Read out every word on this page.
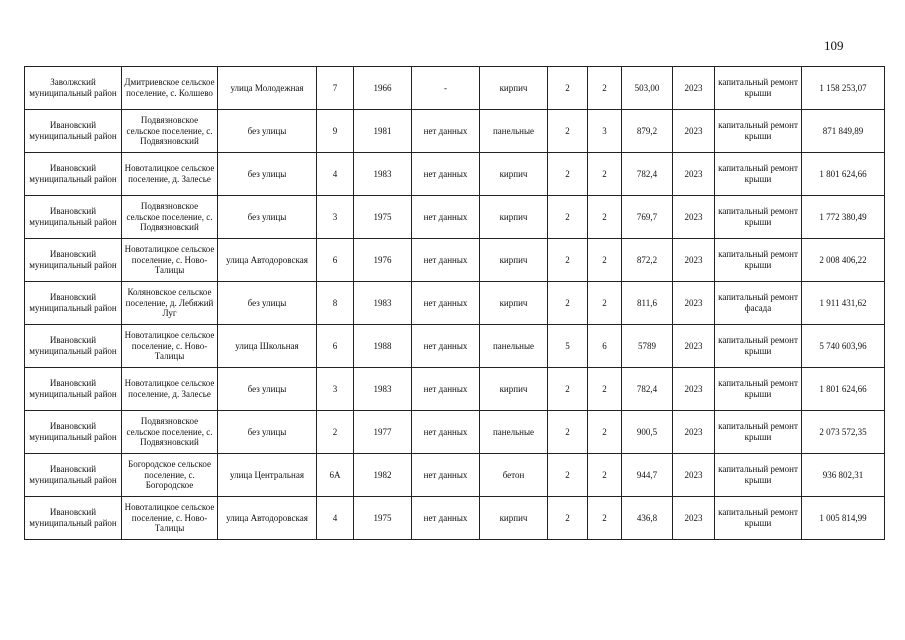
109
Заволжский муниципальный район	Дмитриевское сельское поселение, с. Колшево	улица Молодежная	7	1966	-	кирпич	2	2	503,00	2023	капитальный ремонт крыши	1 158 253,07
Ивановский муниципальный район	Подвязновское сельское поселение, с. Подвязновский	без улицы	9	1981	нет данных	панельные	2	3	879,2	2023	капитальный ремонт крыши	871 849,89
Ивановский муниципальный район	Новоталицкое сельское поселение, д. Залесье	без улицы	4	1983	нет данных	кирпич	2	2	782,4	2023	капитальный ремонт крыши	1 801 624,66
Ивановский муниципальный район	Подвязновское сельское поселение, с. Подвязновский	без улицы	3	1975	нет данных	кирпич	2	2	769,7	2023	капитальный ремонт крыши	1 772 380,49
Ивановский муниципальный район	Новоталицкое сельское поселение, с. Ново-Талицы	улица Автодоровская	6	1976	нет данных	кирпич	2	2	872,2	2023	капитальный ремонт крыши	2 008 406,22
Ивановский муниципальный район	Коляновское сельское поселение, д. Лебяжий Луг	без улицы	8	1983	нет данных	кирпич	2	2	811,6	2023	капитальный ремонт фасада	1 911 431,62
Ивановский муниципальный район	Новоталицкое сельское поселение, с. Ново-Талицы	улица Школьная	6	1988	нет данных	панельные	5	6	5789	2023	капитальный ремонт крыши	5 740 603,96
Ивановский муниципальный район	Новоталицкое сельское поселение, д. Залесье	без улицы	3	1983	нет данных	кирпич	2	2	782,4	2023	капитальный ремонт крыши	1 801 624,66
Ивановский муниципальный район	Подвязновское сельское поселение, с. Подвязновский	без улицы	2	1977	нет данных	панельные	2	2	900,5	2023	капитальный ремонт крыши	2 073 572,35
Ивановский муниципальный район	Богородское сельское поселение, с. Богородское	улица Центральная	6А	1982	нет данных	бетон	2	2	944,7	2023	капитальный ремонт крыши	936 802,31
Ивановский муниципальный район	Новоталицкое сельское поселение, с. Ново-Талицы	улица Автодоровская	4	1975	нет данных	кирпич	2	2	436,8	2023	капитальный ремонт крыши	1 005 814,99
